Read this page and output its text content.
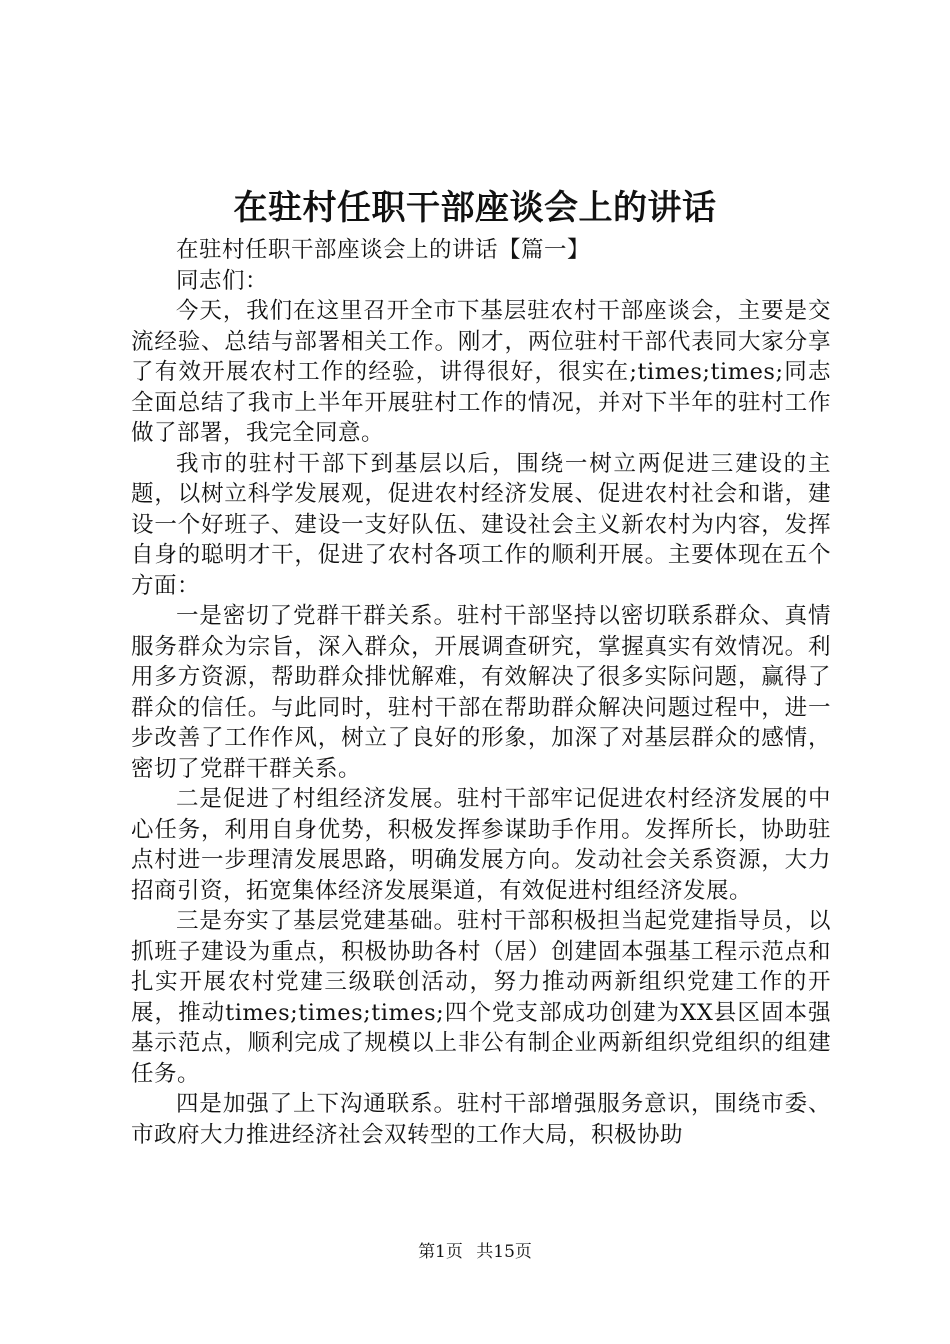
在驻村任职干部座谈会上的讲话

在驻村任职干部座谈会上的讲话【篇一】

同志们：

今天，我们在这里召开全市下基层驻农村干部座谈会，主要是交流经验、总结与部署相关工作。刚才，两位驻村干部代表同大家分享了有效开展农村工作的经验，讲得很好，很实在;times;times;同志全面总结了我市上半年开展驻村工作的情况，并对下半年的驻村工作做了部署，我完全同意。

我市的驻村干部下到基层以后，围绕一树立两促进三建设的主题，以树立科学发展观，促进农村经济发展、促进农村社会和谐，建设一个好班子、建设一支好队伍、建设社会主义新农村为内容，发挥自身的聪明才干，促进了农村各项工作的顺利开展。主要体现在五个方面：

一是密切了党群干群关系。驻村干部坚持以密切联系群众、真情服务群众为宗旨，深入群众，开展调查研究，掌握真实有效情况。利用多方资源，帮助群众排忧解难，有效解决了很多实际问题，赢得了群众的信任。与此同时，驻村干部在帮助群众解决问题过程中，进一步改善了工作作风，树立了良好的形象，加深了对基层群众的感情，密切了党群干群关系。

二是促进了村组经济发展。驻村干部牢记促进农村经济发展的中心任务，利用自身优势，积极发挥参谋助手作用。发挥所长，协助驻点村进一步理清发展思路，明确发展方向。发动社会关系资源，大力招商引资，拓宽集体经济发展渠道，有效促进村组经济发展。

三是夯实了基层党建基础。驻村干部积极担当起党建指导员，以抓班子建设为重点，积极协助各村（居）创建固本强基工程示范点和扎实开展农村党建三级联创活动，努力推动两新组织党建工作的开展，推动times;times;times;四个党支部成功创建为XX县区固本强基示范点，顺利完成了规模以上非公有制企业两新组织党组织的组建任务。

四是加强了上下沟通联系。驻村干部增强服务意识，围绕市委、市政府大力推进经济社会双转型的工作大局，积极协助

第1页 共15页
